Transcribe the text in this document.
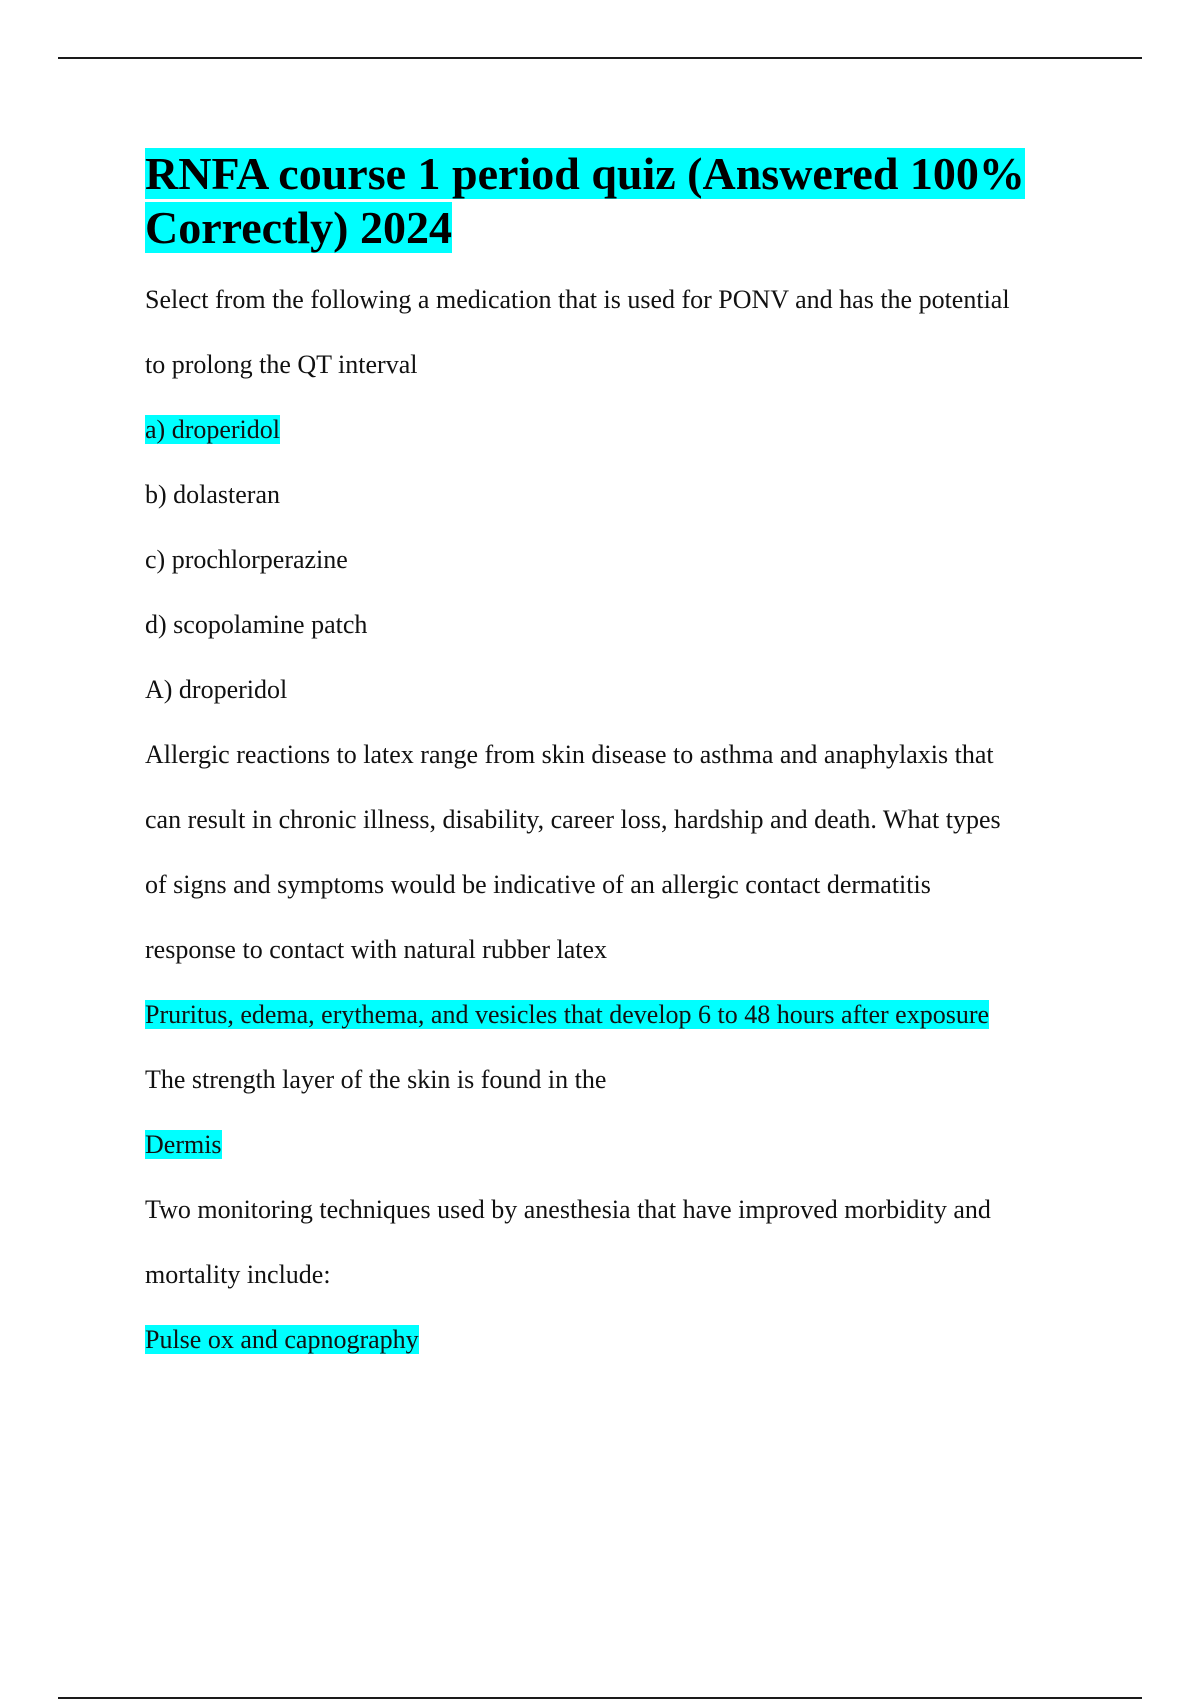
RNFA course 1 period quiz (Answered 100% Correctly) 2024

Select from the following a medication that is used for PONV and has the potential

to prolong the QT interval

a) droperidol

b) dolasteran

c) prochlorperazine

d) scopolamine patch

A) droperidol

Allergic reactions to latex range from skin disease to asthma and anaphylaxis that

can result in chronic illness, disability, career loss, hardship and death. What types

of signs and symptoms would be indicative of an allergic contact dermatitis

response to contact with natural rubber latex

Pruritus, edema, erythema, and vesicles that develop 6 to 48 hours after exposure

The strength layer of the skin is found in the

Dermis

Two monitoring techniques used by anesthesia that have improved morbidity and

mortality include:

Pulse ox and capnography
